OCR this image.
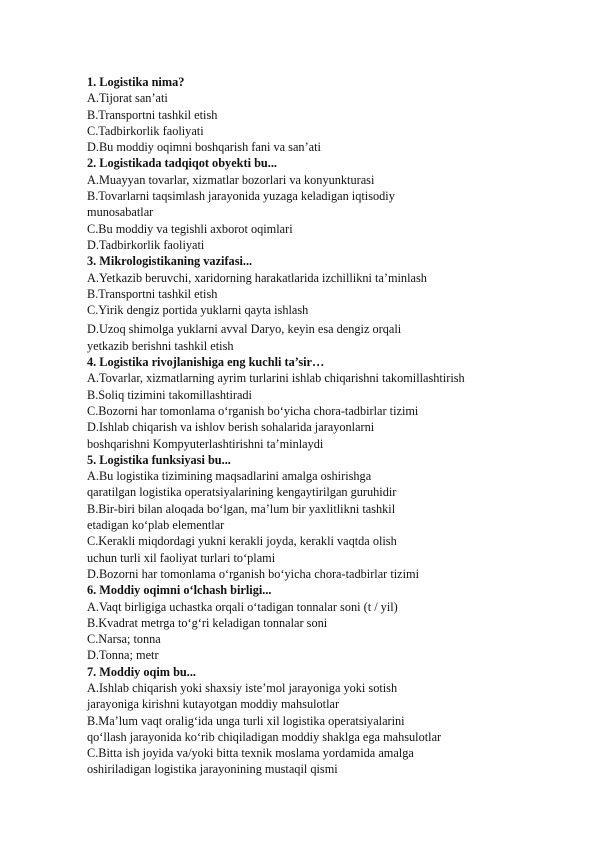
1. Logistika nima?
A.Tijorat san’ati
B.Transportni tashkil etish
C.Tadbirkorlik faoliyati
D.Bu moddiy oqimni boshqarish fani va san’ati
2. Logistikada tadqiqot obyekti bu...
A.Muayyan tovarlar, xizmatlar bozorlari va konyunkturasi
B.Tovarlarni taqsimlash jarayonida yuzaga keladigan iqtisodiy
munosabatlar
C.Bu moddiy va tegishli axborot oqimlari
D.Tadbirkorlik faoliyati
3. Mikrologistikaning vazifasi...
A.Yetkazib beruvchi, xaridorning harakatlarida izchillikni ta’minlash
B.Transportni tashkil etish
C.Yirik dengiz portida yuklarni qayta ishlash
D.Uzoq shimolga yuklarni avval Daryo, keyin esa dengiz orqali
yetkazib berishni tashkil etish
4. Logistika rivojlanishiga eng kuchli ta’sir…
A.Tovarlar, xizmatlarning ayrim turlarini ishlab chiqarishni takomillashtirish
B.Soliq tizimini takomillashtiradi
C.Bozorni har tomonlama o‘rganish bo‘yicha chora-tadbirlar tizimi
D.Ishlab chiqarish va ishlov berish sohalarida jarayonlarni
boshqarishni Kompyuterlashtirishni ta’minlaydi
5. Logistika funksiyasi bu...
A.Bu logistika tizimining maqsadlarini amalga oshirishga
qaratilgan logistika operatsiyalarining kengaytirilgan guruhidir
B.Bir-biri bilan aloqada bo‘lgan, ma’lum bir yaxlitlikni tashkil
etadigan ko‘plab elementlar
C.Kerakli miqdordagi yukni kerakli joyda, kerakli vaqtda olish
uchun turli xil faoliyat turlari to‘plami
D.Bozorni har tomonlama o‘rganish bo‘yicha chora-tadbirlar tizimi
6. Moddiy oqimni o‘lchash birligi...
A.Vaqt birligiga uchastka orqali o‘tadigan tonnalar soni (t / yil)
B.Kvadrat metrga to‘g‘ri keladigan tonnalar soni
C.Narsa; tonna
D.Tonna; metr
7. Moddiy oqim bu...
A.Ishlab chiqarish yoki shaxsiy iste’mol jarayoniga yoki sotish
jarayoniga kirishni kutayotgan moddiy mahsulotlar
B.Ma’lum vaqt oralig‘ida unga turli xil logistika operatsiyalarini
qo‘llash jarayonida ko‘rib chiqiladigan moddiy shaklga ega mahsulotlar
C.Bitta ish joyida va/yoki bitta texnik moslama yordamida amalga
oshiriladigan logistika jarayonining mustaqil qismi
